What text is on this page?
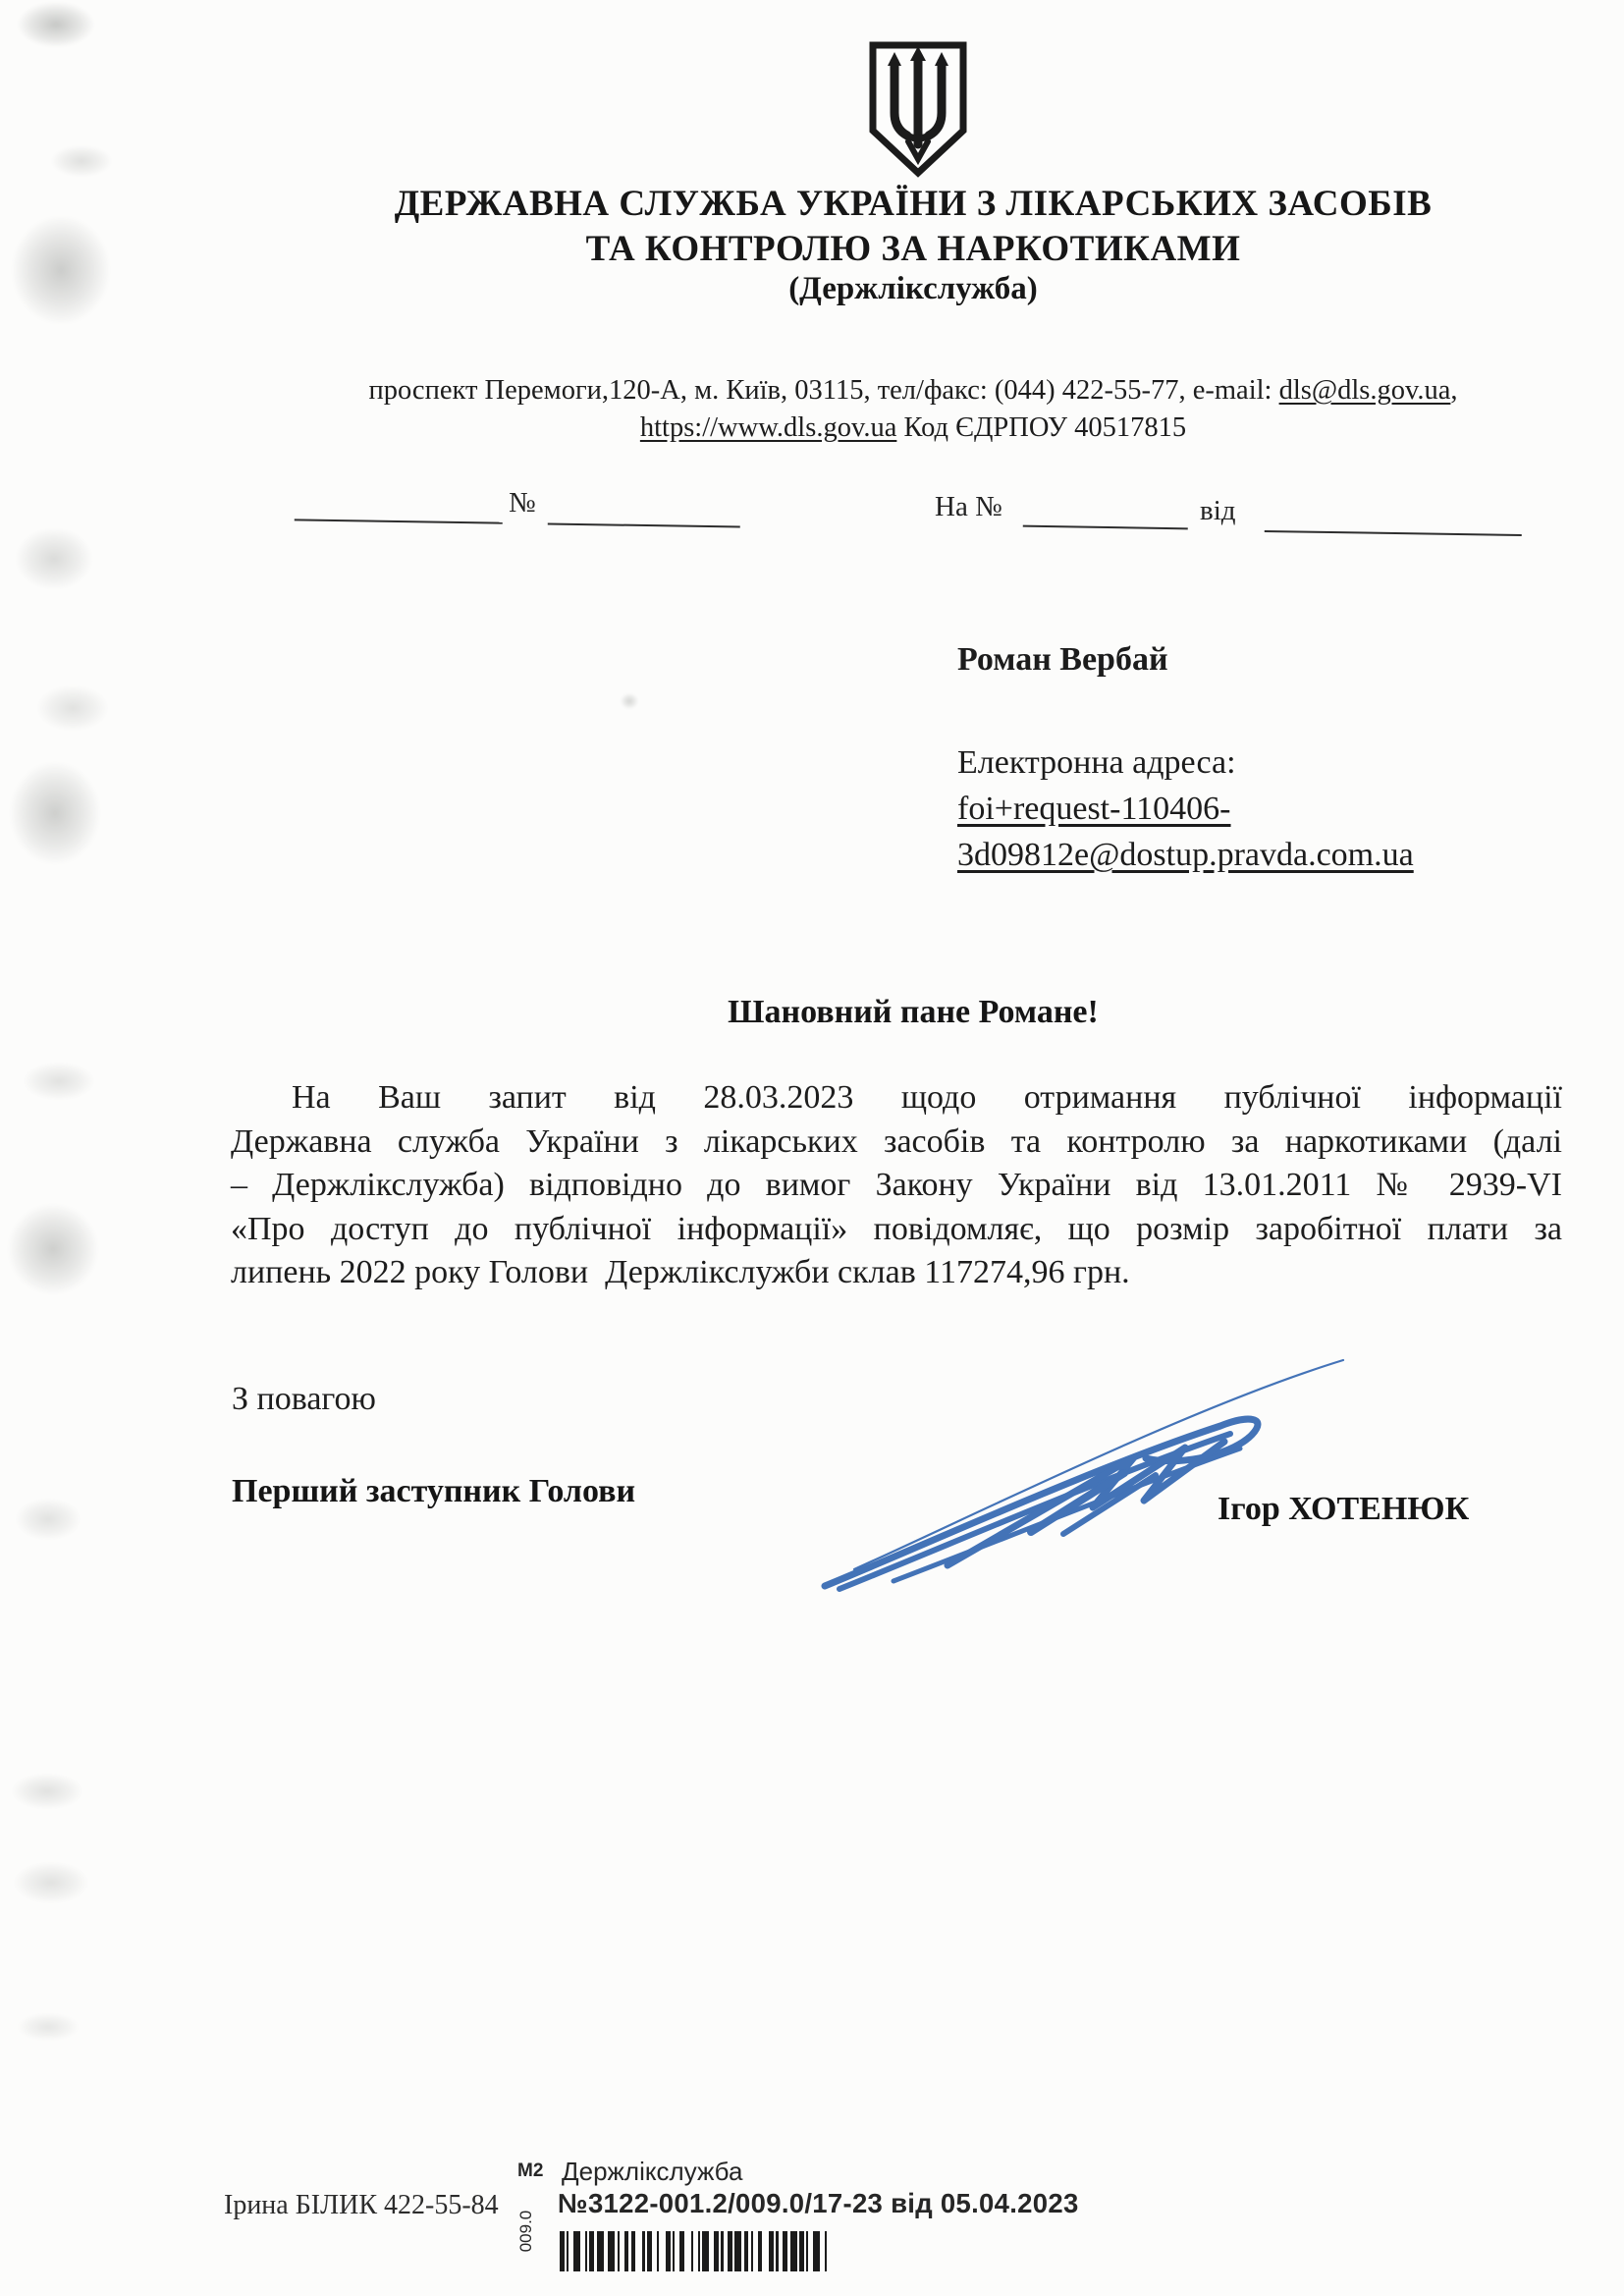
ДЕРЖАВНА СЛУЖБА УКРАЇНИ З ЛІКАРСЬКИХ ЗАСОБІВ
ТА КОНТРОЛЮ ЗА НАРКОТИКАМИ
(Держлікслужба)
проспект Перемоги,120-А, м. Київ, 03115, тел/факс: (044) 422-55-77, e-mail: dls@dls.gov.ua,
https://www.dls.gov.ua Код ЄДРПОУ 40517815
№	На №	від
Роман Вербай
Електронна адреса:
foi+request-110406-
3d09812e@dostup.pravda.com.ua
Шановний пане Романе!
На Ваш запит від 28.03.2023 щодо отримання публічної інформації
Державна служба України з лікарських засобів та контролю за наркотиками (далі
– Держлікслужба) відповідно до вимог Закону України від 13.01.2011 № 2939-VI
«Про доступ до публічної інформації» повідомляє, що розмір заробітної плати за
липень 2022 року Голови  Держлікслужби склав 117274,96 грн.
З повагою
Перший заступник Голови	Ігор ХОТЕНЮК
Ірина БІЛИК 422-55-84
М2 Держлікслужба
№3122-001.2/009.0/17-23 від 05.04.2023
009.0
